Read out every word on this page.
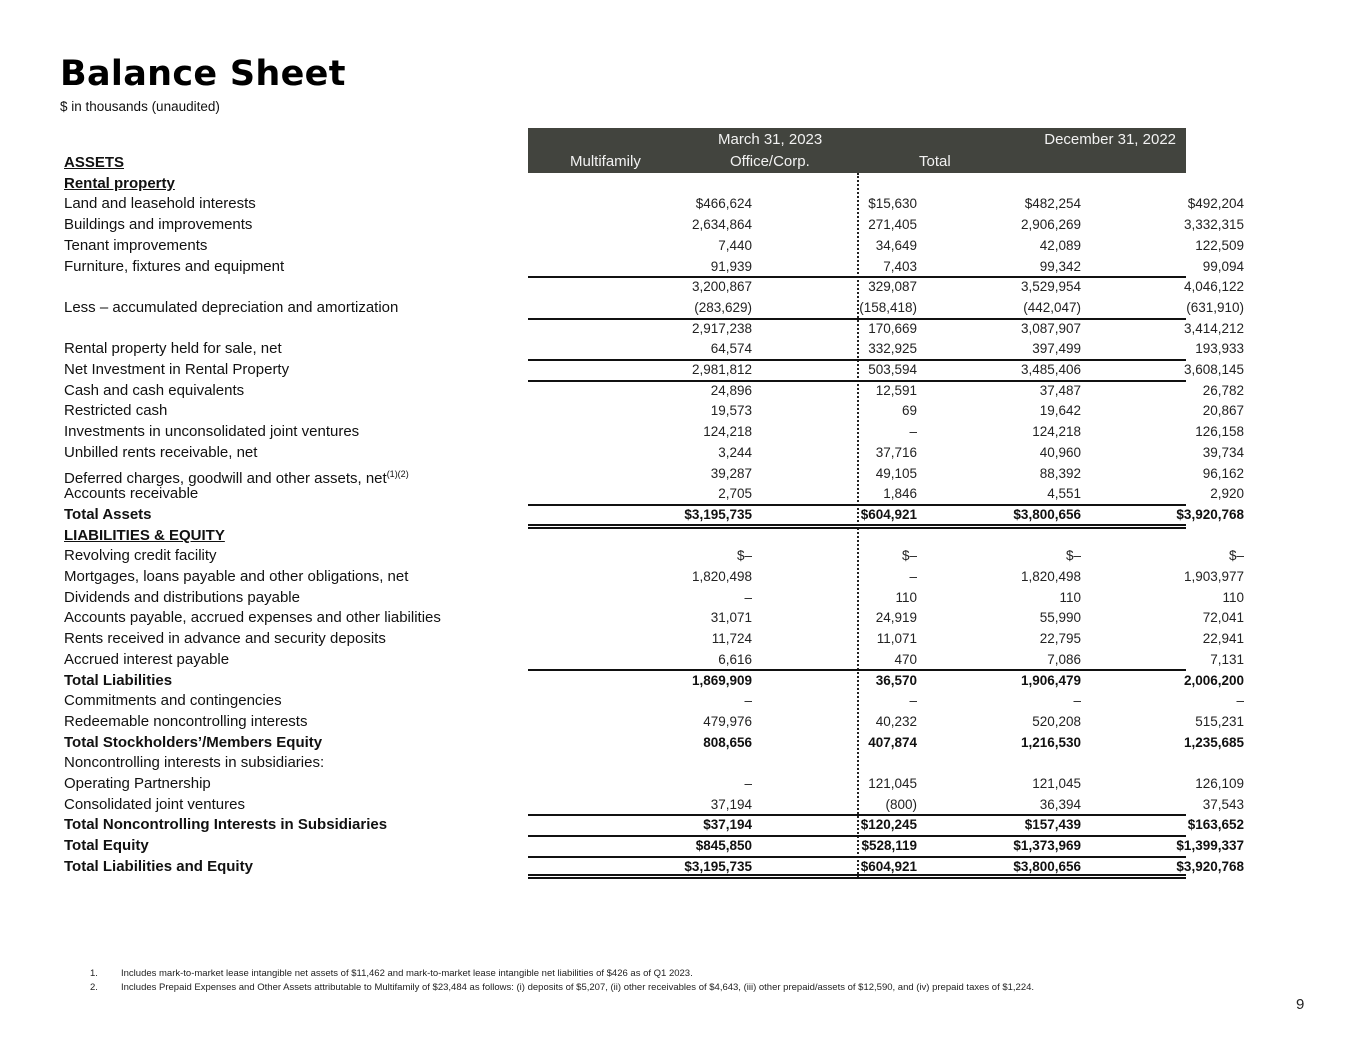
Balance Sheet
$ in thousands (unaudited)
March 31, 2023	December 31, 2022
Multifamily	Office/Corp.	Total
ASSETS
Rental property
Land and leasehold interests	$466,624	$15,630	$482,254	$492,204
Buildings and improvements	2,634,864	271,405	2,906,269	3,332,315
Tenant improvements	7,440	34,649	42,089	122,509
Furniture, fixtures and equipment	91,939	7,403	99,342	99,094
3,200,867	329,087	3,529,954	4,046,122
Less – accumulated depreciation and amortization	(283,629)	(158,418)	(442,047)	(631,910)
2,917,238	170,669	3,087,907	3,414,212
Rental property held for sale, net	64,574	332,925	397,499	193,933
Net Investment in Rental Property	2,981,812	503,594	3,485,406	3,608,145
Cash and cash equivalents	24,896	12,591	37,487	26,782
Restricted cash	19,573	69	19,642	20,867
Investments in unconsolidated joint ventures	124,218	–	124,218	126,158
Unbilled rents receivable, net	3,244	37,716	40,960	39,734
Deferred charges, goodwill and other assets, net$^{(1)(2)}$	39,287	49,105	88,392	96,162
Accounts receivable	2,705	1,846	4,551	2,920
Total Assets	$3,195,735	$604,921	$3,800,656	$3,920,768
LIABILITIES & EQUITY
Revolving credit facility	$–	$–	$–	$–
Mortgages, loans payable and other obligations, net	1,820,498	–	1,820,498	1,903,977
Dividends and distributions payable	–	110	110	110
Accounts payable, accrued expenses and other liabilities	31,071	24,919	55,990	72,041
Rents received in advance and security deposits	11,724	11,071	22,795	22,941
Accrued interest payable	6,616	470	7,086	7,131
Total Liabilities	1,869,909	36,570	1,906,479	2,006,200
Commitments and contingencies	–	–	–	–
Redeemable noncontrolling interests	479,976	40,232	520,208	515,231
Total Stockholders’/Members Equity	808,656	407,874	1,216,530	1,235,685
Noncontrolling interests in subsidiaries:
Operating Partnership	–	121,045	121,045	126,109
Consolidated joint ventures	37,194	(800)	36,394	37,543
Total Noncontrolling Interests in Subsidiaries	$37,194	$120,245	$157,439	$163,652
Total Equity	$845,850	$528,119	$1,373,969	$1,399,337
Total Liabilities and Equity	$3,195,735	$604,921	$3,800,656	$3,920,768
1. Includes mark-to-market lease intangible net assets of $11,462 and mark-to-market lease intangible net liabilities of $426 as of Q1 2023.
2. Includes Prepaid Expenses and Other Assets attributable to Multifamily of $23,484 as follows: (i) deposits of $5,207, (ii) other receivables of $4,643, (iii) other prepaid/assets of $12,590, and (iv) prepaid taxes of $1,224.
9
